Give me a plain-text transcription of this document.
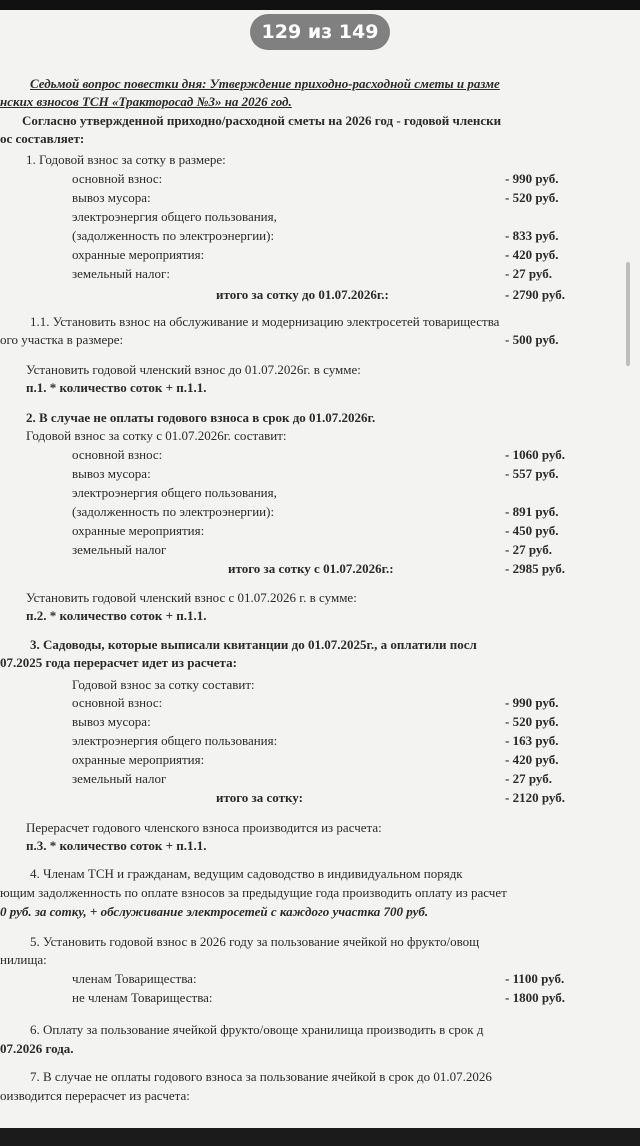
Седьмой вопрос повестки дня: Утверждение приходно-расходной сметы и разме
нских взносов ТСН «Тракторосад №3» на 2026 год.
Согласно утвержденной приходно/расходной сметы на 2026 год - годовой членски
ос составляет:
1. Годовой взнос за сотку в размере:
основной взнос:	- 990 руб.
вывоз мусора:	- 520 руб.
электроэнергия общего пользования,
(задолженность по электроэнергии):	- 833 руб.
охранные мероприятия:	- 420 руб.
земельный налог:	- 27 руб.
итого за сотку до 01.07.2026г.:	- 2790 руб.
1.1. Установить взнос на обслуживание и модернизацию электросетей товарищества
ого участка в размере:	- 500 руб.
Установить годовой членский взнос до 01.07.2026г. в сумме:
п.1. * количество соток + п.1.1.
2. В случае не оплаты годового взноса в срок до 01.07.2026г.
Годовой взнос за сотку с 01.07.2026г. составит:
основной взнос:	- 1060 руб.
вывоз мусора:	- 557 руб.
электроэнергия общего пользования,
(задолженность по электроэнергии):	- 891 руб.
охранные мероприятия:	- 450 руб.
земельный налог	- 27 руб.
итого за сотку с 01.07.2026г.:	- 2985 руб.
Установить годовой членский взнос с 01.07.2026 г. в сумме:
п.2. * количество соток + п.1.1.
3. Садоводы, которые выписали квитанции до 01.07.2025г., а оплатили посл
07.2025 года перерасчет идет из расчета:
Годовой взнос за сотку составит:
основной взнос:	- 990 руб.
вывоз мусора:	- 520 руб.
электроэнергия общего пользования:	- 163 руб.
охранные мероприятия:	- 420 руб.
земельный налог	- 27 руб.
итого за сотку:	- 2120 руб.
Перерасчет годового членского взноса производится из расчета:
п.3. * количество соток + п.1.1.
4. Членам ТСН и гражданам, ведущим садоводство в индивидуальном порядк
ющим задолженность по оплате взносов за предыдущие года производить оплату из расчет
0 руб. за сотку, + обслуживание электросетей с каждого участка 700 руб.
5. Установить годовой взнос в 2026 году за пользование ячейкой но фрукто/овощ
нилища:
членам Товарищества:	- 1100 руб.
не членам Товарищества:	- 1800 руб.
6. Оплату за пользование ячейкой фрукто/овоще хранилища производить в срок д
07.2026 года.
7. В случае не оплаты годового взноса за пользование ячейкой в срок до 01.07.2026
оизводится перерасчет из расчета:
129 из 149
